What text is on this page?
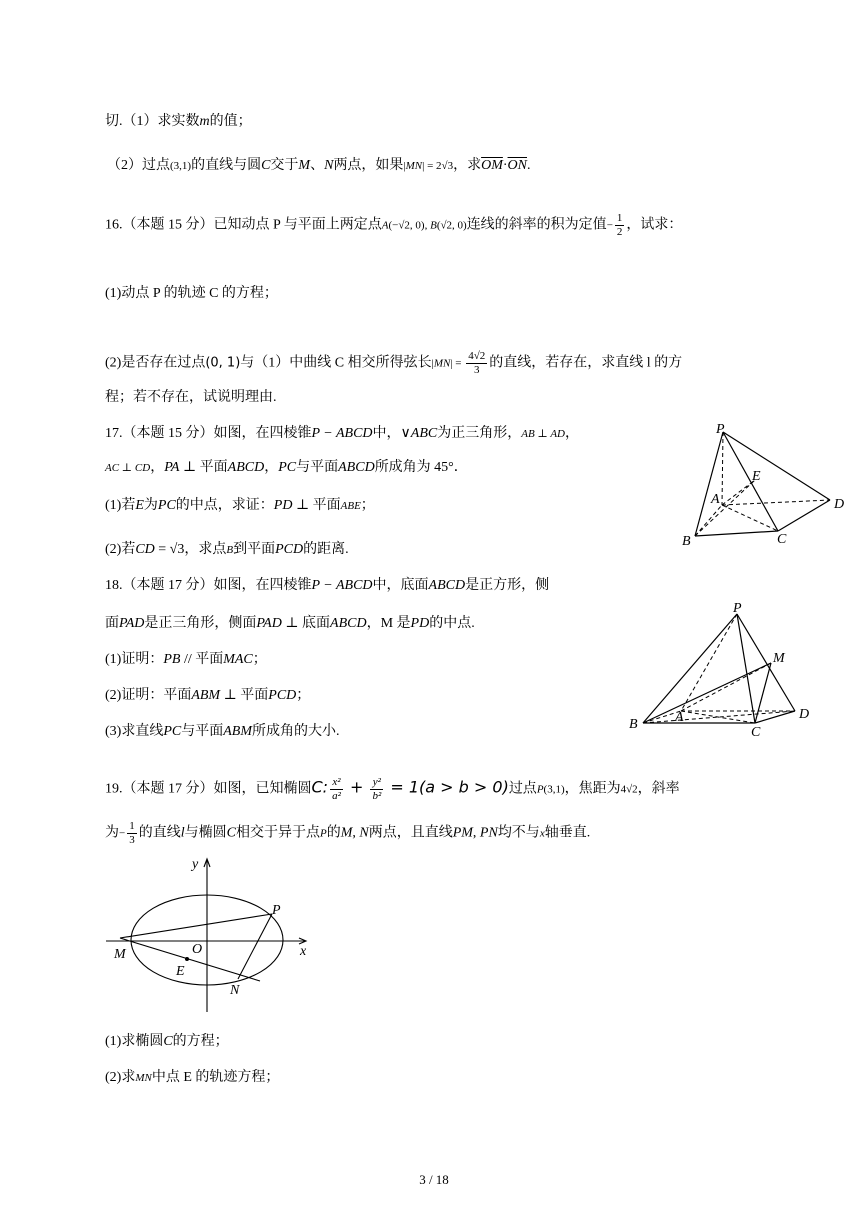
切.（1）求实数m的值；
（2）过点(3,1)的直线与圆C交于M、N两点，如果|MN| = 2√3，求$\overline{OM}\cdot\overline{ON}$.
16.（本题 15 分）已知动点 P 与平面上两定点A(−√2, 0), B(√2, 0)连线的斜率的积为定值− $\frac{1}{2}$ ，试求：
(1)动点 P 的轨迹 C 的方程；
(2)是否存在过点(0, 1)与（1）中曲线 C 相交所得弦长$|MN| = \frac{4√2}{3}$ 的直线，若存在，求直线 l 的方
程；若不存在，试说明理由.
17.（本题 15 分）如图，在四棱锥P − ABCD中，∨ABC为正三角形，AB ⊥ AD，
AC ⊥ CD，PA ⊥ 平面ABCD，PC与平面ABCD所成角为 45°．
(1)若E为PC的中点，求证：PD ⊥ 平面ABE；
(2)若CD = √3，求点B到平面PCD的距离.
P
E
A	D
B	C
18.（本题 17 分）如图，在四棱锥P − ABCD中，底面ABCD是正方形，侧
面PAD是正三角形，侧面PAD ⊥ 底面ABCD，M 是PD的中点.
(1)证明：PB // 平面MAC；
(2)证明：平面ABM ⊥ 平面PCD；
(3)求直线PC与平面ABM所成角的大小.
P
M
B	A	D
C
19.（本题 17 分）如图，已知椭圆C: $\frac{\text{x²}}{\text{a²}} + \frac{\text{y²}}{\text{b²}} = 1(a > b > 0)$过点P(3,1)，焦距为4√2，斜率
为− $\frac{1}{3}$ 的直线l与椭圆C相交于异于点P的M, N两点，且直线PM, PN均不与x轴垂直.
y
x
O
P
M
E
N
(1)求椭圆C的方程；
(2)求MN中点 E 的轨迹方程；
3 / 18
